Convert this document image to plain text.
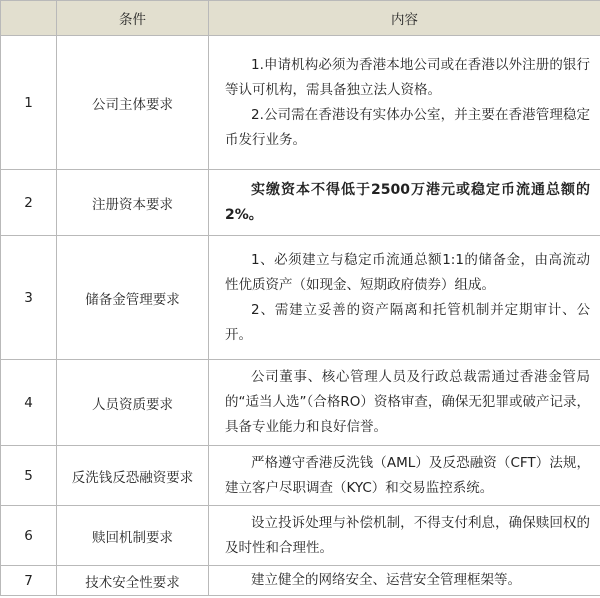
	条件	内容
1	公司主体要求	1.申请机构必须为香港本地公司或在香港以外注册的银行等认可机构，需具备独立法人资格。

2.公司需在香港设有实体办公室，并主要在香港管理稳定币发行业务。

2	注册资本要求	实缴资本不得低于2500万港元或稳定币流通总额的2%。

3	储备金管理要求	1、必须建立与稳定币流通总额1:1的储备金，由高流动性优质资产（如现金、短期政府债券）组成。

2、需建立妥善的资产隔离和托管机制并定期审计、公开。

4	人员资质要求	公司董事、核心管理人员及行政总裁需通过香港金管局的“适当人选”（合格RO）资格审查，确保无犯罪或破产记录，具备专业能力和良好信誉。

5	反洗钱反恐融资要求	严格遵守香港反洗钱（AML）及反恐融资（CFT）法规，建立客户尽职调查（KYC）和交易监控系统。

6	赎回机制要求	设立投诉处理与补偿机制，不得支付利息，确保赎回权的及时性和合理性。

7	技术安全性要求	建立健全的网络安全、运营安全管理框架等。
